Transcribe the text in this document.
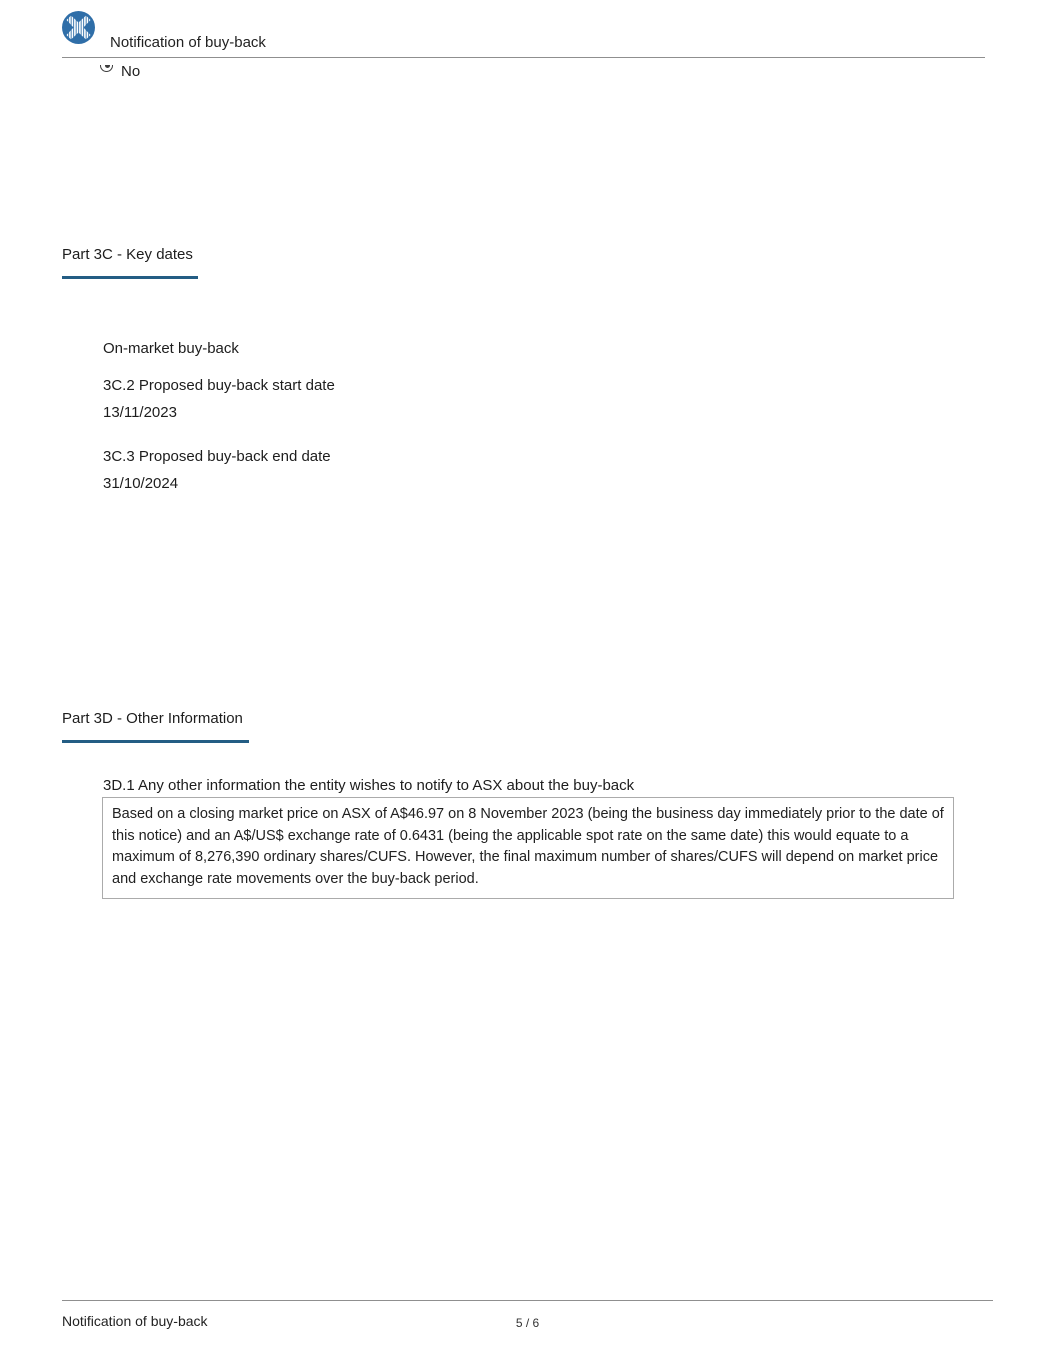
Notification of buy-back
No
Part 3C - Key dates
On-market buy-back
3C.2 Proposed buy-back start date
13/11/2023
3C.3 Proposed buy-back end date
31/10/2024
Part 3D - Other Information
3D.1 Any other information the entity wishes to notify to ASX about the buy-back
Based on a closing market price on ASX of A$46.97 on 8 November 2023 (being the business day immediately prior to the date of this notice) and an A$/US$ exchange rate of 0.6431 (being the applicable spot rate on the same date) this would equate to a maximum of 8,276,390 ordinary shares/CUFS. However, the final maximum number of shares/CUFS will depend on market price and exchange rate movements over the buy-back period.
Notification of buy-back	5 / 6
